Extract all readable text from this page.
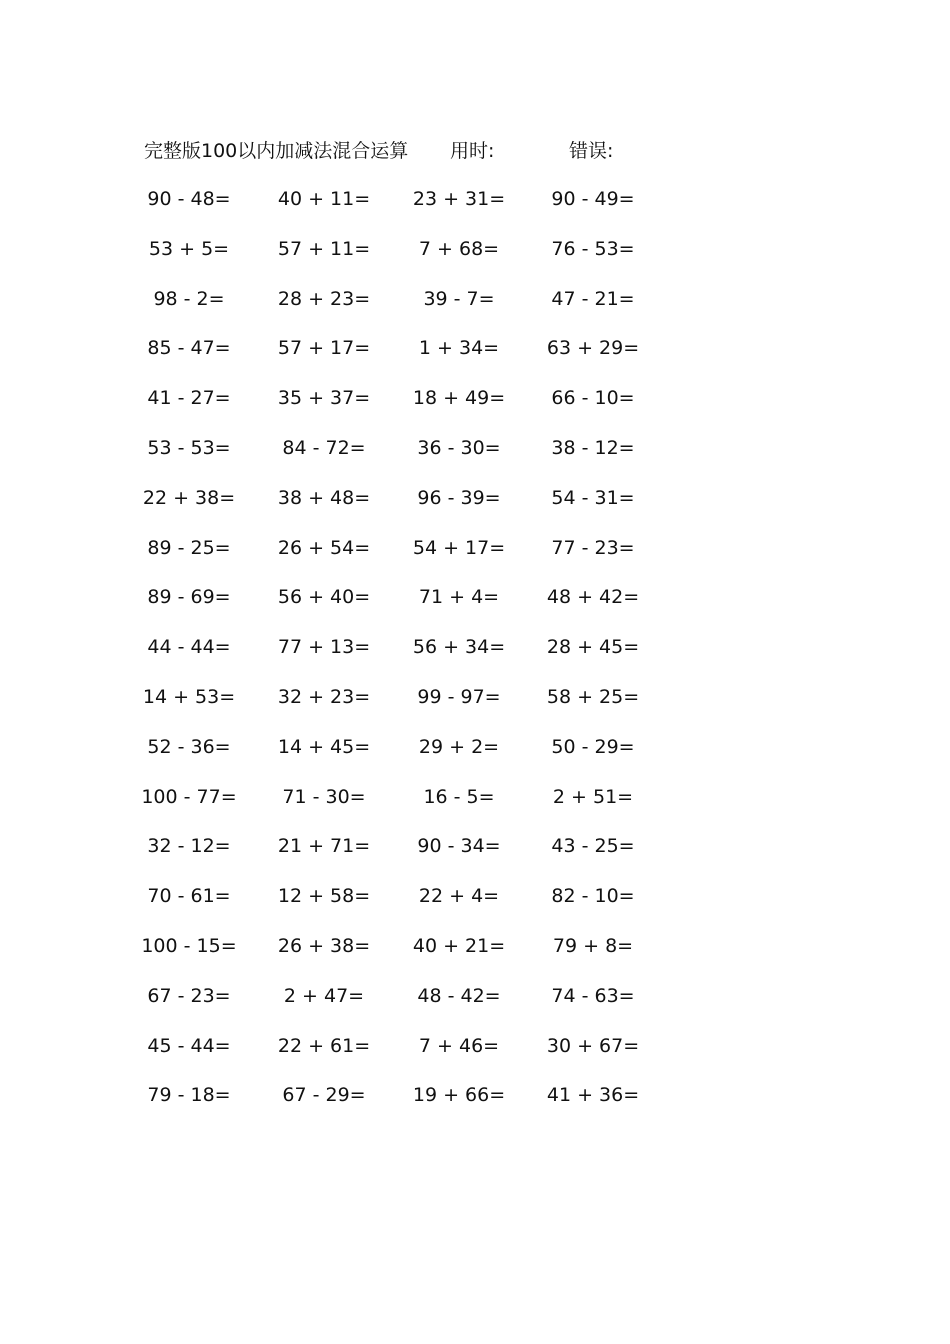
完整版100以内加减法混合运算 用时:	错误:
90 - 48=	40 + 11=	23 + 31=	90 - 49=
53 + 5=	57 + 11=	7 + 68=	76 - 53=
98 - 2=	28 + 23=	39 - 7=	47 - 21=
85 - 47=	57 + 17=	1 + 34=	63 + 29=
41 - 27=	35 + 37=	18 + 49=	66 - 10=
53 - 53=	84 - 72=	36 - 30=	38 - 12=
22 + 38=	38 + 48=	96 - 39=	54 - 31=
89 - 25=	26 + 54=	54 + 17=	77 - 23=
89 - 69=	56 + 40=	71 + 4=	48 + 42=
44 - 44=	77 + 13=	56 + 34=	28 + 45=
14 + 53=	32 + 23=	99 - 97=	58 + 25=
52 - 36=	14 + 45=	29 + 2=	50 - 29=
100 - 77=	71 - 30=	16 - 5=	2 + 51=
32 - 12=	21 + 71=	90 - 34=	43 - 25=
70 - 61=	12 + 58=	22 + 4=	82 - 10=
100 - 15=	26 + 38=	40 + 21=	79 + 8=
67 - 23=	2 + 47=	48 - 42=	74 - 63=
45 - 44=	22 + 61=	7 + 46=	30 + 67=
79 - 18=	67 - 29=	19 + 66=	41 + 36=
